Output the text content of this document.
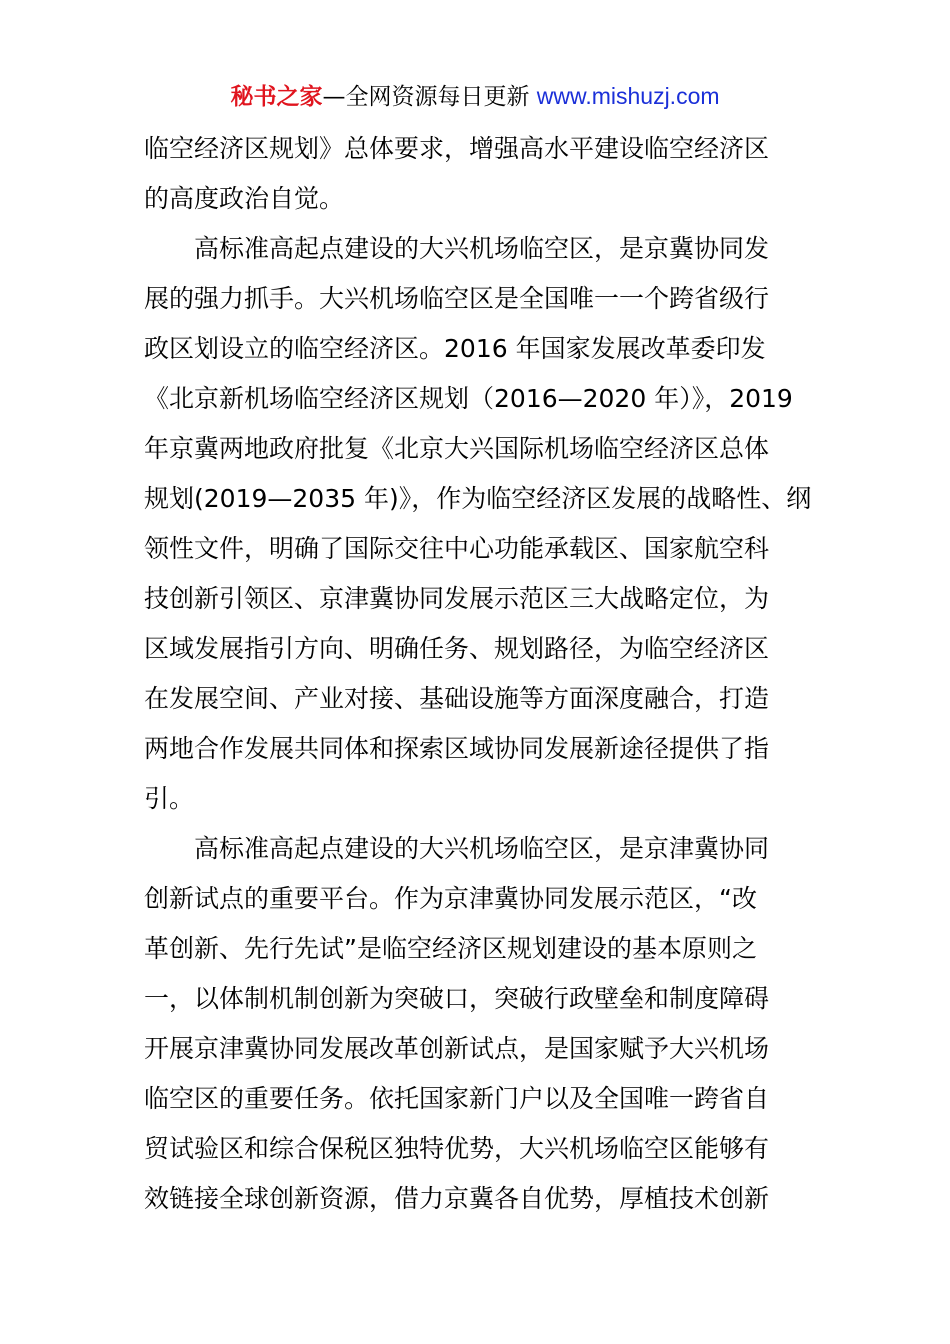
秘书之家—全网资源每日更新 www.mishuzj.com
临空经济区规划》总体要求，增强高水平建设临空经济区
的高度政治自觉。
高标准高起点建设的大兴机场临空区，是京冀协同发
展的强力抓手。大兴机场临空区是全国唯一一个跨省级行
政区划设立的临空经济区。2016 年国家发展改革委印发
《北京新机场临空经济区规划（2016—2020 年）》，2019
年京冀两地政府批复《北京大兴国际机场临空经济区总体
规划(2019—2035 年)》，作为临空经济区发展的战略性、纲
领性文件，明确了国际交往中心功能承载区、国家航空科
技创新引领区、京津冀协同发展示范区三大战略定位，为
区域发展指引方向、明确任务、规划路径，为临空经济区
在发展空间、产业对接、基础设施等方面深度融合，打造
两地合作发展共同体和探索区域协同发展新途径提供了指
引。
高标准高起点建设的大兴机场临空区，是京津冀协同
创新试点的重要平台。作为京津冀协同发展示范区，“改
革创新、先行先试”是临空经济区规划建设的基本原则之
一，以体制机制创新为突破口，突破行政壁垒和制度障碍
开展京津冀协同发展改革创新试点，是国家赋予大兴机场
临空区的重要任务。依托国家新门户以及全国唯一跨省自
贸试验区和综合保税区独特优势，大兴机场临空区能够有
效链接全球创新资源，借力京冀各自优势，厚植技术创新
